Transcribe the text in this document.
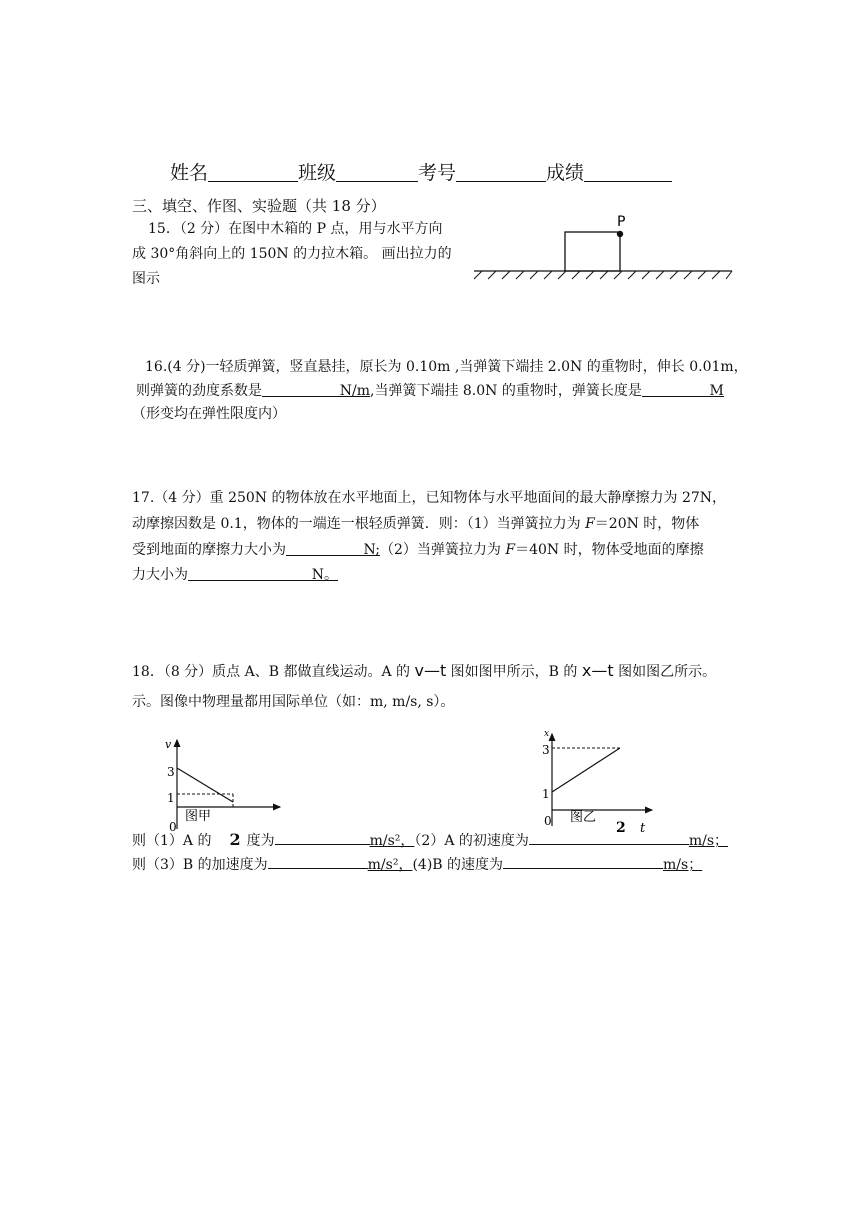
姓名	班级	考号	成绩
三、填空、作图、实验题（共 18 分）
15．（2 分）在图中木箱的 P 点，用与水平方向
成 30°角斜向上的 150N 的力拉木箱。 画出拉力的
图示
P
16.(4 分)一轻质弹簧，竖直悬挂，原长为 0.10m ,当弹簧下端挂 2.0N 的重物时，伸长 0.01m，
则弹簧的劲度系数是	N/m,当弹簧下端挂 8.0N 的重物时，弹簧长度是	M
（形变均在弹性限度内）
17.（4 分）重 250N 的物体放在水平地面上，已知物体与水平地面间的最大静摩擦力为 27N，
动摩擦因数是 0.1，物体的一端连一根轻质弹簧．则：（1）当弹簧拉力为 F＝20N 时，物体
受到地面的摩擦力大小为	N;（2）当弹簧拉力为 F＝40N 时，物体受地面的摩擦
力大小为	N。
18．（8 分）质点 A、B 都做直线运动。A 的 v—t 图如图甲所示，B 的 x—t 图如图乙所示。
示。图像中物理量都用国际单位（如：m, m/s, s）。
v
3
1
0
图甲
x
3
1
0 图乙
2 t
则（1）A 的 2 度为	m/s²，（2）A 的初速度为	m/s；
则（3）B 的加速度为	m/s²，(4)B 的速度为	m/s；
